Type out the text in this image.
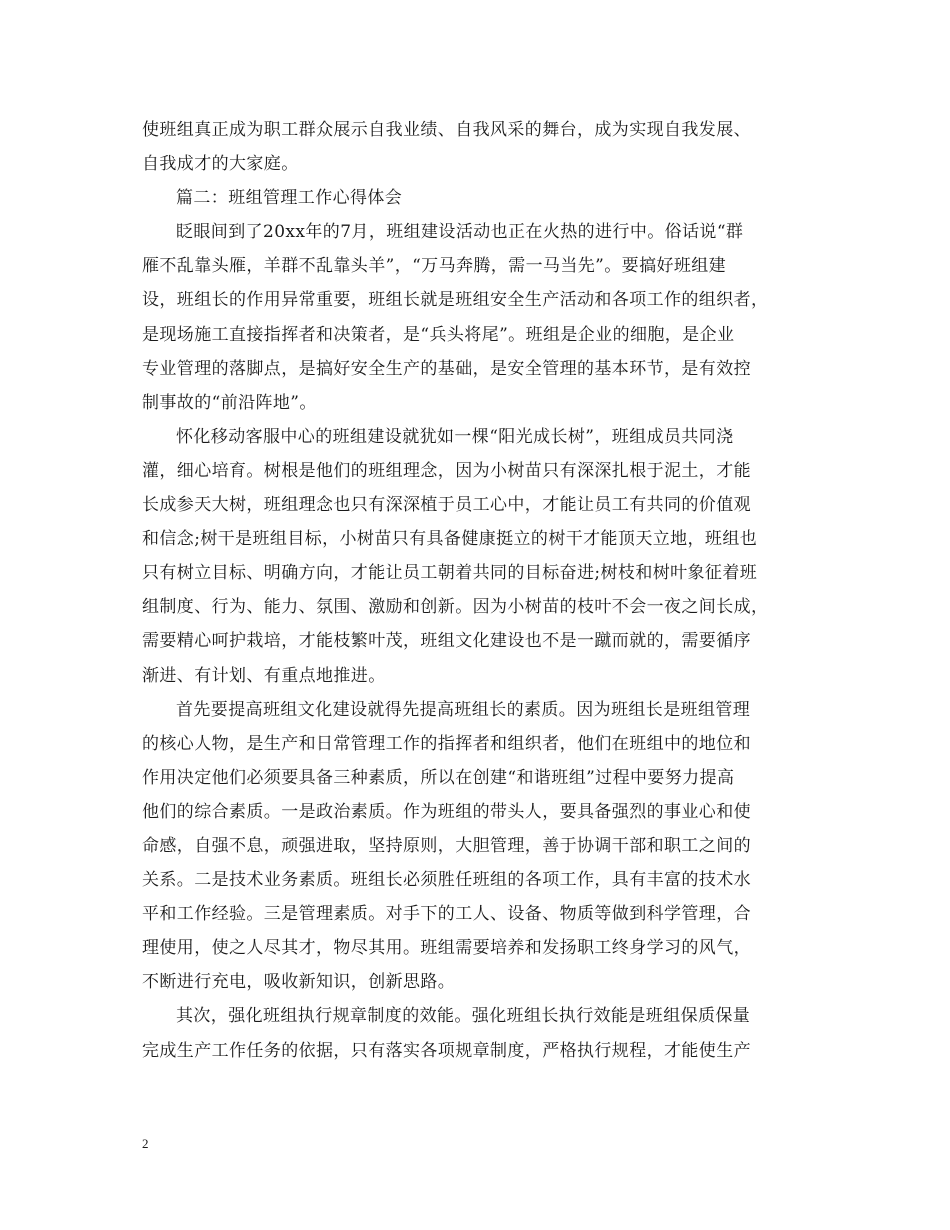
使班组真正成为职工群众展示自我业绩、自我风采的舞台，成为实现自我发展、
自我成才的大家庭。
篇二：班组管理工作心得体会
眨眼间到了20xx年的7月，班组建设活动也正在火热的进行中。俗话说“群
雁不乱靠头雁，羊群不乱靠头羊”，“万马奔腾，需一马当先”。要搞好班组建
设，班组长的作用异常重要，班组长就是班组安全生产活动和各项工作的组织者，
是现场施工直接指挥者和决策者，是“兵头将尾”。班组是企业的细胞，是企业
专业管理的落脚点，是搞好安全生产的基础，是安全管理的基本环节，是有效控
制事故的“前沿阵地”。
怀化移动客服中心的班组建设就犹如一棵“阳光成长树”，班组成员共同浇
灌，细心培育。树根是他们的班组理念，因为小树苗只有深深扎根于泥土，才能
长成参天大树，班组理念也只有深深植于员工心中，才能让员工有共同的价值观
和信念;树干是班组目标，小树苗只有具备健康挺立的树干才能顶天立地，班组也
只有树立目标、明确方向，才能让员工朝着共同的目标奋进;树枝和树叶象征着班
组制度、行为、能力、氛围、激励和创新。因为小树苗的枝叶不会一夜之间长成，
需要精心呵护栽培，才能枝繁叶茂，班组文化建设也不是一蹴而就的，需要循序
渐进、有计划、有重点地推进。
首先要提高班组文化建设就得先提高班组长的素质。因为班组长是班组管理
的核心人物，是生产和日常管理工作的指挥者和组织者，他们在班组中的地位和
作用决定他们必须要具备三种素质，所以在创建“和谐班组”过程中要努力提高
他们的综合素质。一是政治素质。作为班组的带头人，要具备强烈的事业心和使
命感，自强不息，顽强进取，坚持原则，大胆管理，善于协调干部和职工之间的
关系。二是技术业务素质。班组长必须胜任班组的各项工作，具有丰富的技术水
平和工作经验。三是管理素质。对手下的工人、设备、物质等做到科学管理，合
理使用，使之人尽其才，物尽其用。班组需要培养和发扬职工终身学习的风气，
不断进行充电，吸收新知识，创新思路。
其次，强化班组执行规章制度的效能。强化班组长执行效能是班组保质保量
完成生产工作任务的依据，只有落实各项规章制度，严格执行规程，才能使生产
2
